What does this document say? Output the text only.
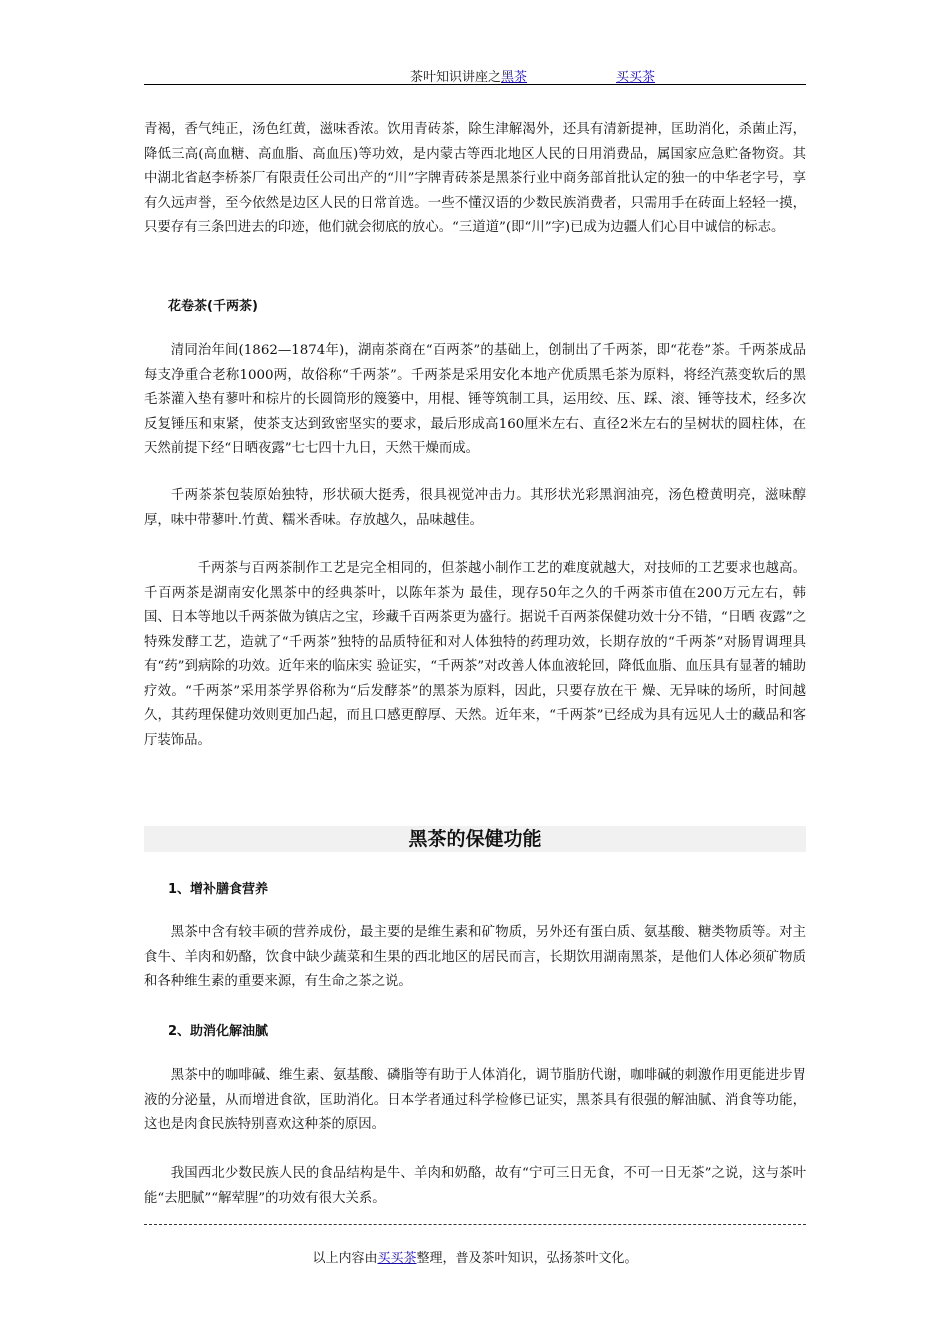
茶叶知识讲座之黑茶	买买茶

青褐，香气纯正，汤色红黄，滋味香浓。饮用青砖茶，除生津解渴外，还具有清新提神，匡助消化，杀菌止泻，降低三高(高血糖、高血脂、高血压)等功效，是内蒙古等西北地区人民的日用消费品，属国家应急贮备物资。其中湖北省赵李桥茶厂有限责任公司出产的“川”字牌青砖茶是黑茶行业中商务部首批认定的独一的中华老字号，享有久远声誉，至今依然是边区人民的日常首选。一些不懂汉语的少数民族消费者，只需用手在砖面上轻轻一摸，只要存有三条凹进去的印迹，他们就会彻底的放心。“三道道”(即“川”字)已成为边疆人们心目中诚信的标志。

花卷茶(千两茶)

清同治年间(1862—1874年)，湖南茶商在“百两茶”的基础上，创制出了千两茶，即“花卷”茶。千两茶成品每支净重合老称1000两，故俗称“千两茶”。千两茶是采用安化本地产优质黑毛茶为原料，将经汽蒸变软后的黑毛茶灌入垫有蓼叶和棕片的长圆筒形的篾篓中，用棍、锤等筑制工具，运用绞、压、踩、滚、锤等技术，经多次反复锤压和束紧，使茶支达到致密坚实的要求，最后形成高160厘米左右、直径2米左右的呈树状的圆柱体，在天然前提下经“日晒夜露”七七四十九日，天然干燥而成。

千两茶茶包装原始独特，形状硕大挺秀，很具视觉冲击力。其形状光彩黑润油亮，汤色橙黄明亮，滋味醇厚，味中带蓼叶.竹黄、糯米香味。存放越久，品味越佳。

千两茶与百两茶制作工艺是完全相同的，但茶越小制作工艺的难度就越大，对技师的工艺要求也越高。千百两茶是湖南安化黑茶中的经典茶叶，以陈年茶为 最佳，现存50年之久的千两茶市值在200万元左右，韩国、日本等地以千两茶做为镇店之宝，珍藏千百两茶更为盛行。据说千百两茶保健功效十分不错，“日晒 夜露”之特殊发酵工艺，造就了“千两茶”独特的品质特征和对人体独特的药理功效，长期存放的“千两茶”对肠胃调理具有“药”到病除的功效。近年来的临床实 验证实，“千两茶”对改善人体血液轮回，降低血脂、血压具有显著的辅助疗效。“千两茶”采用茶学界俗称为“后发酵茶”的黑茶为原料，因此，只要存放在干 燥、无异味的场所，时间越久，其药理保健功效则更加凸起，而且口感更醇厚、天然。近年来，“千两茶”已经成为具有远见人士的藏品和客厅装饰品。

黑茶的保健功能

1、增补膳食营养

黑茶中含有较丰硕的营养成份，最主要的是维生素和矿物质，另外还有蛋白质、氨基酸、糖类物质等。对主食牛、羊肉和奶酪，饮食中缺少蔬菜和生果的西北地区的居民而言，长期饮用湖南黑茶，是他们人体必须矿物质和各种维生素的重要来源，有生命之茶之说。

2、助消化解油腻

黑茶中的咖啡碱、维生素、氨基酸、磷脂等有助于人体消化，调节脂肪代谢，咖啡碱的刺激作用更能进步胃液的分泌量，从而增进食欲，匡助消化。日本学者通过科学检修已证实，黑茶具有很强的解油腻、消食等功能，这也是肉食民族特别喜欢这种茶的原因。

我国西北少数民族人民的食品结构是牛、羊肉和奶酪，故有“宁可三日无食，不可一日无茶”之说，这与茶叶能“去肥腻”“解荤腥”的功效有很大关系。

以上内容由买买茶整理，普及茶叶知识，弘扬茶叶文化。
